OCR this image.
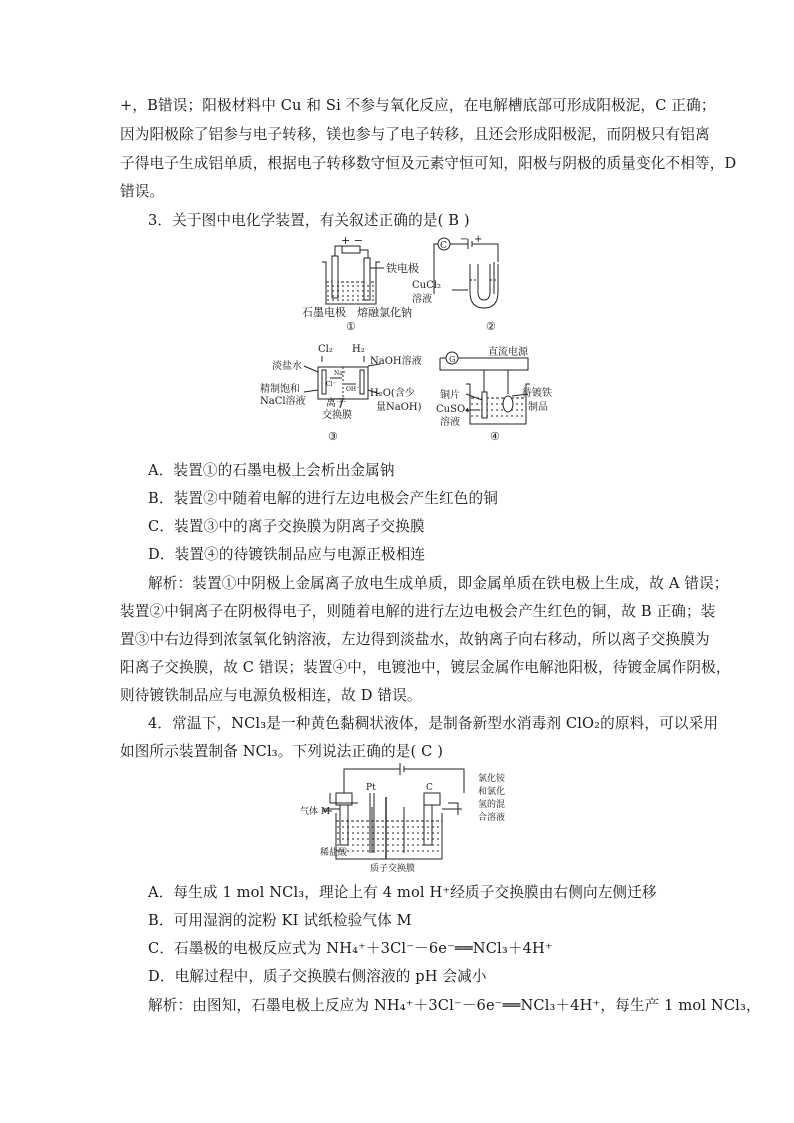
+，B错误；阳极材料中 Cu 和 Si 不参与氧化反应，在电解槽底部可形成阳极泥，C 正确；
因为阳极除了铝参与电子转移，镁也参与了电子转移，且还会形成阳极泥，而阴极只有铝离
子得电子生成铝单质，根据电子转移数守恒及元素守恒可知，阳极与阴极的质量变化不相等，D
错误。
3．关于图中电化学装置，有关叙述正确的是( B )
+ −
铁电极
石墨电极 熔融氯化钠
①
C
− +
CuCl₂
溶液
②
Cl₂ H₂
淡盐水	NaOH溶液
Na⁺
Cl⁻
OH⁻
精制饱和
NaCl溶液 离子
交换膜
H₂O(含少
量NaOH)
③
G
直流电源
铜片
CuSO₄
溶液
待镀铁
制品
④
A．装置①的石墨电极上会析出金属钠
B．装置②中随着电解的进行左边电极会产生红色的铜
C．装置③中的离子交换膜为阴离子交换膜
D．装置④的待镀铁制品应与电源正极相连
解析：装置①中阴极上金属离子放电生成单质，即金属单质在铁电极上生成，故 A 错误；
装置②中铜离子在阴极得电子，则随着电解的进行左边电极会产生红色的铜，故 B 正确；装
置③中右边得到浓氢氧化钠溶液，左边得到淡盐水，故钠离子向右移动，所以离子交换膜为
阳离子交换膜，故 C 错误；装置④中，电镀池中，镀层金属作电解池阳极，待镀金属作阴极，
则待镀铁制品应与电源负极相连，故 D 错误。
4．常温下，NCl₃是一种黄色黏稠状液体，是制备新型水消毒剂 ClO₂的原料，可以采用
如图所示装置制备 NCl₃。下列说法正确的是( C )
Pt	C
气体 M
稀盐酸
质子交换膜
氯化铵
和氯化
氢的混
合溶液
A．每生成 1 mol NCl₃，理论上有 4 mol H⁺经质子交换膜由右侧向左侧迁移
B．可用湿润的淀粉 KI 试纸检验气体 M
C．石墨极的电极反应式为 NH₄⁺＋3Cl⁻－6e⁻══NCl₃＋4H⁺
D．电解过程中，质子交换膜右侧溶液的 pH 会减小
解析：由图知，石墨电极上反应为 NH₄⁺＋3Cl⁻－6e⁻══NCl₃＋4H⁺，每生产 1 mol NCl₃，
